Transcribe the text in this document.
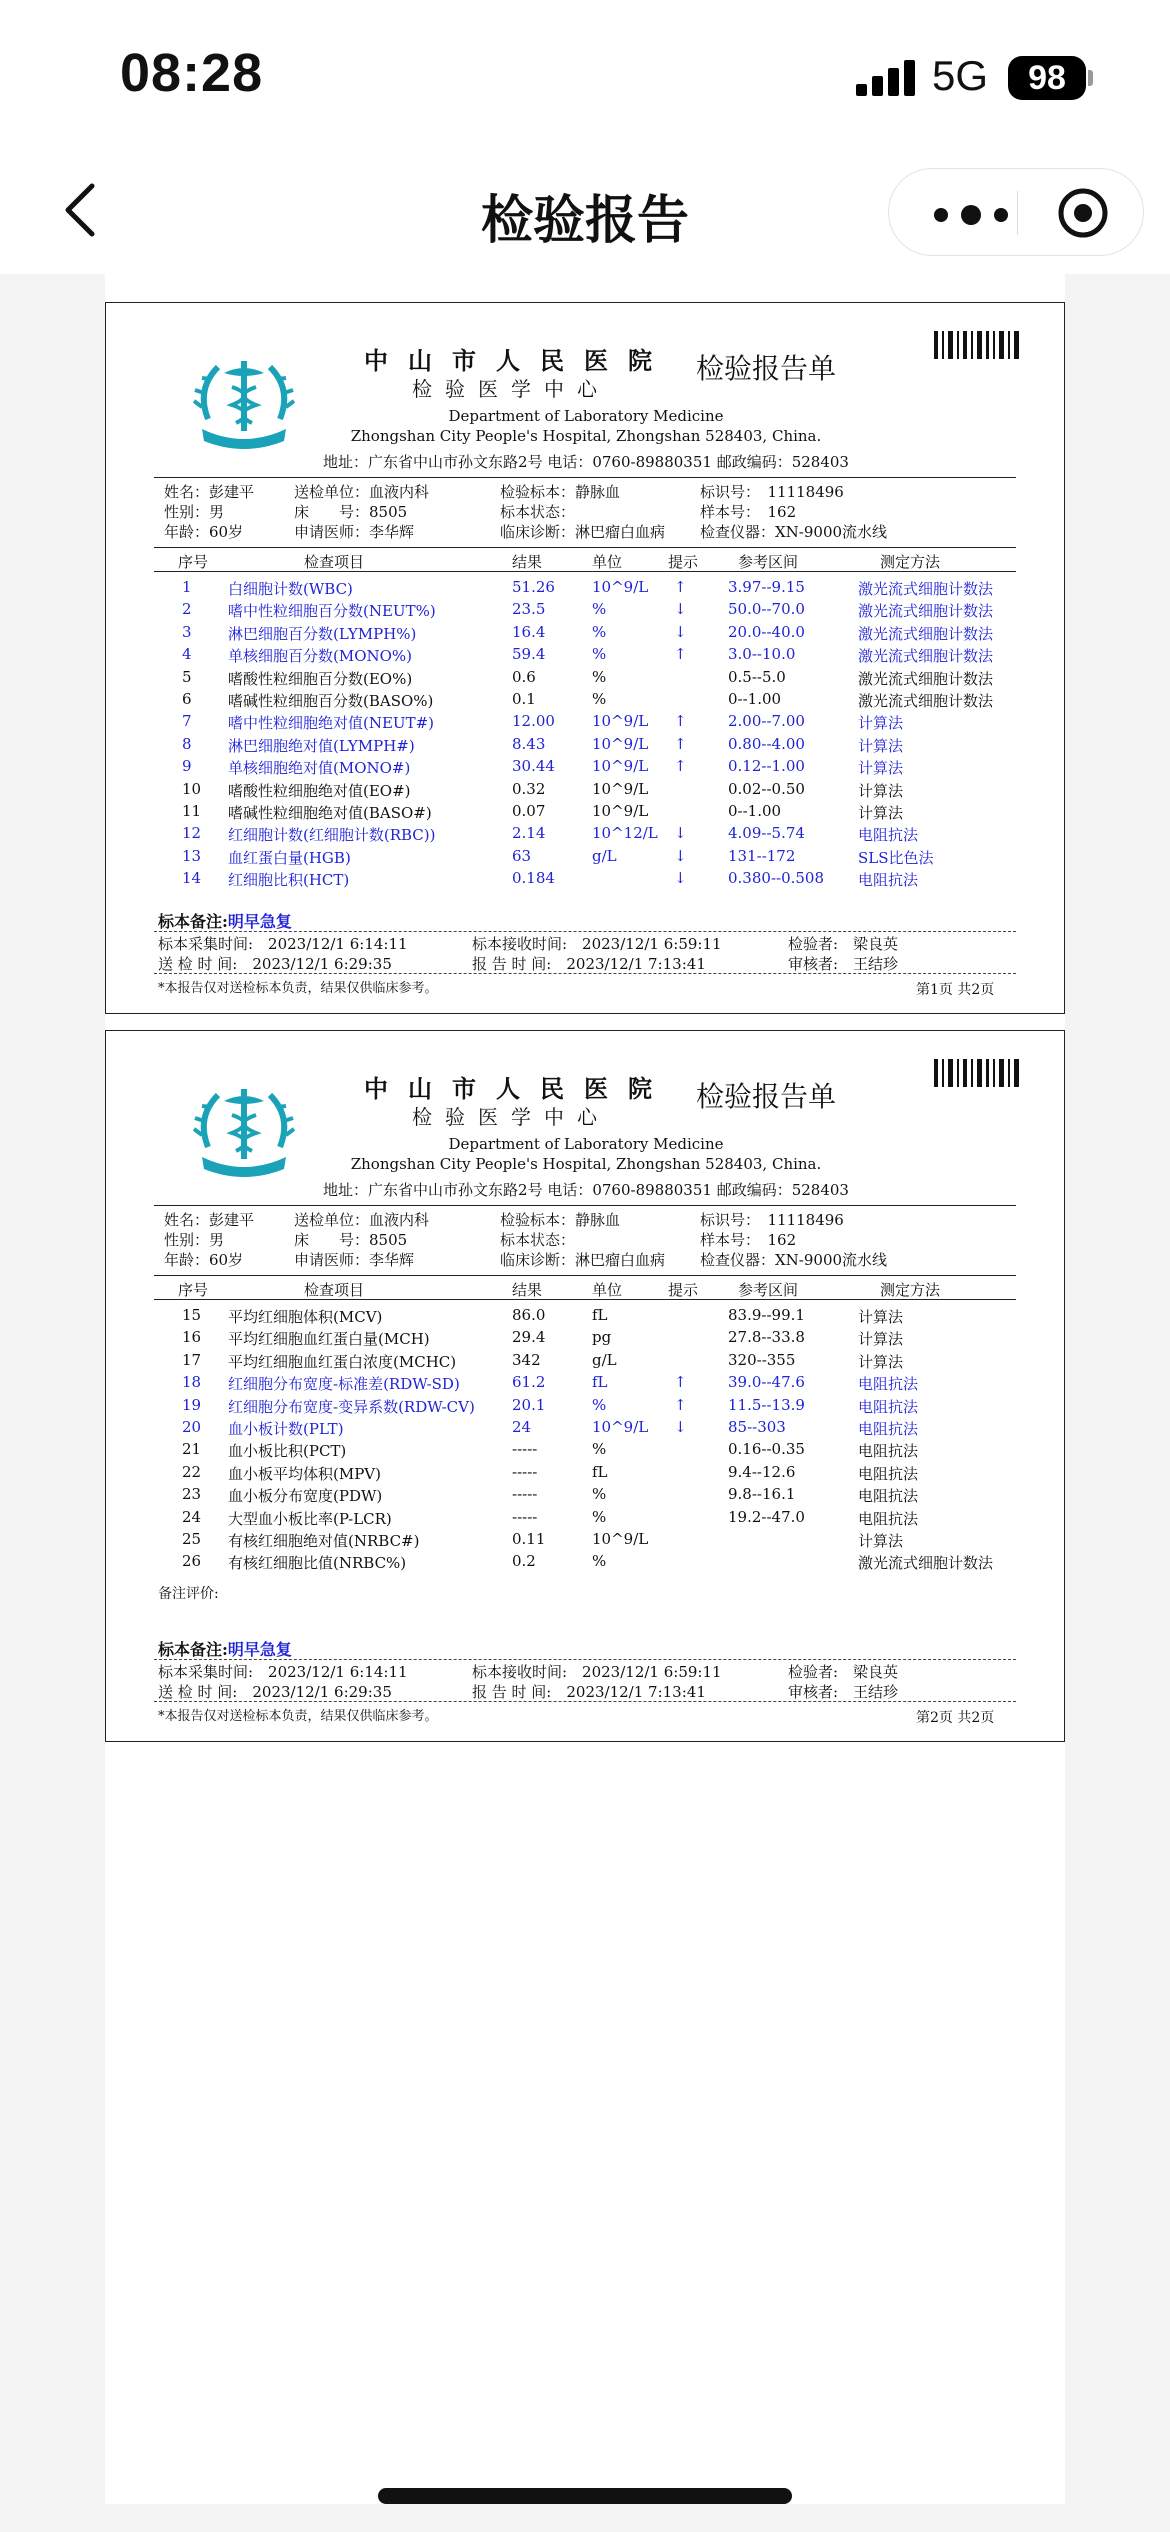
08:28	5G	98
检验报告
中山市人民医院 检验报告单
检验医学中心
Department of Laboratory Medicine
Zhongshan City People's Hospital, Zhongshan 528403, China.
地址：广东省中山市孙文东路2号 电话：0760-89880351 邮政编码：528403
姓名：彭建平
性别：男
年龄：60岁
送检单位：血液内科
床　　号：8505
申请医师：李华辉
检验标本：静脉血
标本状态：
临床诊断：淋巴瘤白血病
标识号：　11118496
样本号：　162
检查仪器：XN-9000流水线
序号	检查项目	结果	单位	提示	参考区间	测定方法
标本备注:明早急复
标本采集时间:　2023/12/1 6:14:11	标本接收时间:　2023/12/1 6:59:11	检验者:　梁良英
送 检 时 间:　2023/12/1 6:29:35	报 告 时 间:　2023/12/1 7:13:41	审核者:　王结珍
*本报告仅对送检标本负责，结果仅供临床参考。	第1页 共2页
1 白细胞计数(WBC)	51.26 10^9/L ↑	3.97--9.15	激光流式细胞计数法
2 嗜中性粒细胞百分数(NEUT%)	23.5	%	↓	50.0--70.0	激光流式细胞计数法
3 淋巴细胞百分数(LYMPH%)	16.4	%	↓	20.0--40.0	激光流式细胞计数法
4 单核细胞百分数(MONO%)	59.4	%	↑	3.0--10.0	激光流式细胞计数法
5 嗜酸性粒细胞百分数(EO%)	0.6	%	0.5--5.0	激光流式细胞计数法
6 嗜碱性粒细胞百分数(BASO%)	0.1	%	0--1.00	激光流式细胞计数法
7 嗜中性粒细胞绝对值(NEUT#)	12.00 10^9/L ↑	2.00--7.00	计算法
8 淋巴细胞绝对值(LYMPH#)	8.43	10^9/L ↑	0.80--4.00	计算法
9 单核细胞绝对值(MONO#)	30.44 10^9/L ↑	0.12--1.00	计算法
10 嗜酸性粒细胞绝对值(EO#)	0.32	10^9/L	0.02--0.50	计算法
11 嗜碱性粒细胞绝对值(BASO#)	0.07	10^9/L	0--1.00	计算法
12 红细胞计数(红细胞计数(RBC))	2.14	10^12/L ↓	4.09--5.74	电阻抗法
13 血红蛋白量(HGB)	63	g/L	↓	131--172	SLS比色法
14 红细胞比积(HCT)	0.184	↓	0.380--0.508 电阻抗法
中山市人民医院 检验报告单
检验医学中心
Department of Laboratory Medicine
Zhongshan City People's Hospital, Zhongshan 528403, China.
地址：广东省中山市孙文东路2号 电话：0760-89880351 邮政编码：528403
姓名：彭建平
性别：男
年龄：60岁
送检单位：血液内科
床　　号：8505
申请医师：李华辉
检验标本：静脉血
标本状态：
临床诊断：淋巴瘤白血病
标识号：　11118496
样本号：　162
检查仪器：XN-9000流水线
序号	检查项目	结果	单位	提示	参考区间	测定方法
备注评价:
标本备注:明早急复
标本采集时间:　2023/12/1 6:14:11	标本接收时间:　2023/12/1 6:59:11	检验者:　梁良英
送 检 时 间:　2023/12/1 6:29:35	报 告 时 间:　2023/12/1 7:13:41	审核者:　王结珍
*本报告仅对送检标本负责，结果仅供临床参考。	第2页 共2页
15 平均红细胞体积(MCV)	86.0	fL	83.9--99.1	计算法
16 平均红细胞血红蛋白量(MCH)	29.4	pg	27.8--33.8	计算法
17 平均红细胞血红蛋白浓度(MCHC)	342	g/L	320--355	计算法
18 红细胞分布宽度-标准差(RDW-SD)	61.2	fL	↑	39.0--47.6	电阻抗法
19 红细胞分布宽度-变异系数(RDW-CV) 20.1	%	↑	11.5--13.9	电阻抗法
20 血小板计数(PLT)	24	10^9/L ↓	85--303	电阻抗法
21 血小板比积(PCT)	-----	%	0.16--0.35	电阻抗法
22 血小板平均体积(MPV)	-----	fL	9.4--12.6	电阻抗法
23 血小板分布宽度(PDW)	-----	%	9.8--16.1	电阻抗法
24 大型血小板比率(P-LCR)	-----	%	19.2--47.0	电阻抗法
25 有核红细胞绝对值(NRBC#)	0.11	10^9/L	计算法
26 有核红细胞比值(NRBC%)	0.2	%	激光流式细胞计数法
